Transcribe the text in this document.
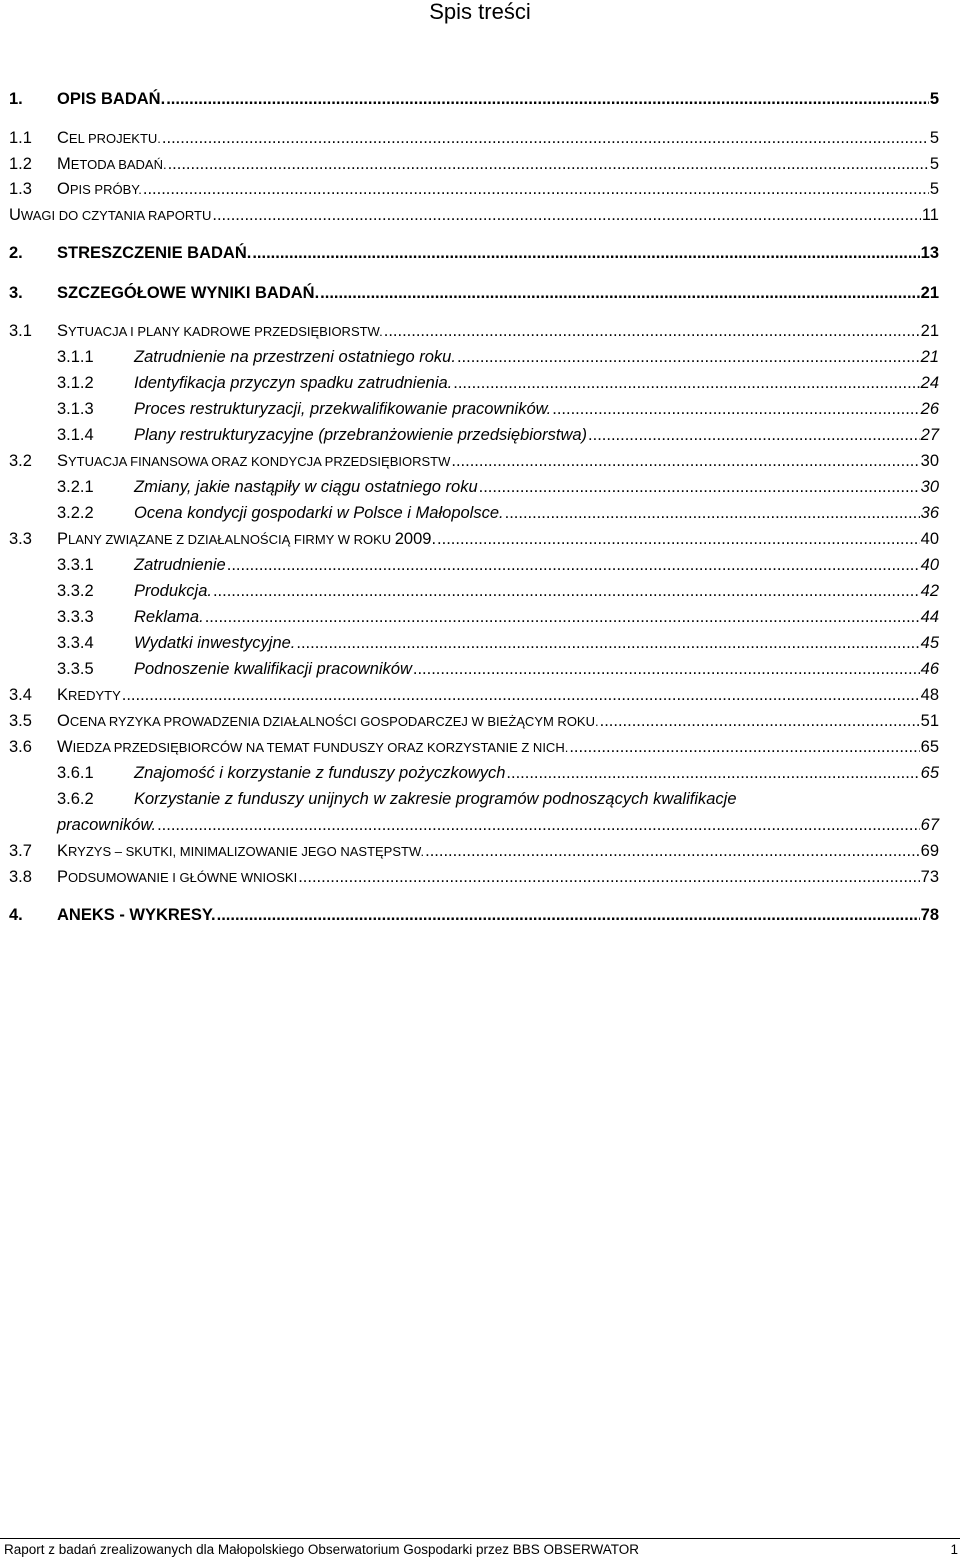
Spis treści
1.	OPIS BADAŃ. .....	5
1.1	CEL PROJEKTU. .....	5
1.2	METODA BADAŃ. .....	5
1.3	OPIS PRÓBY. .....	5
UWAGI DO CZYTANIA RAPORTU .....	11
2.	STRESZCZENIE BADAŃ. .....	13
3.	SZCZEGÓŁOWE WYNIKI BADAŃ. .....	21
3.1	SYTUACJA I PLANY KADROWE PRZEDSIĘBIORSTW. .....	21
3.1.1	Zatrudnienie na przestrzeni ostatniego roku. .....	21
3.1.2	Identyfikacja przyczyn spadku zatrudnienia. .....	24
3.1.3	Proces restrukturyzacji, przekwalifikowanie pracowników. .....	26
3.1.4	Plany restrukturyzacyjne (przebranżowienie przedsiębiorstwa) .....	27
3.2	SYTUACJA FINANSOWA ORAZ KONDYCJA PRZEDSIĘBIORSTW .....	30
3.2.1	Zmiany, jakie nastąpiły w ciągu ostatniego roku .....	30
3.2.2	Ocena kondycji gospodarki w Polsce i Małopolsce. .....	36
3.3	PLANY ZWIĄZANE Z DZIAŁALNOŚCIĄ FIRMY W ROKU 2009. .....	40
3.3.1	Zatrudnienie .....	40
3.3.2	Produkcja. .....	42
3.3.3	Reklama. .....	44
3.3.4	Wydatki inwestycyjne. .....	45
3.3.5	Podnoszenie kwalifikacji pracowników .....	46
3.4	KREDYTY .....	48
3.5	OCENA RYZYKA PROWADZENIA DZIAŁALNOŚCI GOSPODARCZEJ W BIEŻĄCYM ROKU. .....	51
3.6	WIEDZA PRZEDSIĘBIORCÓW NA TEMAT FUNDUSZY ORAZ KORZYSTANIE Z NICH. .....	65
3.6.1	Znajomość i korzystanie z funduszy pożyczkowych .....	65
3.6.2	Korzystanie z funduszy unijnych w zakresie programów podnoszących kwalifikacje
pracowników. .....	67
3.7	KRYZYS – SKUTKI, MINIMALIZOWANIE JEGO NASTĘPSTW. .....	69
3.8	PODSUMOWANIE I GŁÓWNE WNIOSKI .....	73
4.	ANEKS - WYKRESY. .....	78
Raport z badań zrealizowanych dla Małopolskiego Obserwatorium Gospodarki przez BBS OBSERWATOR	1
